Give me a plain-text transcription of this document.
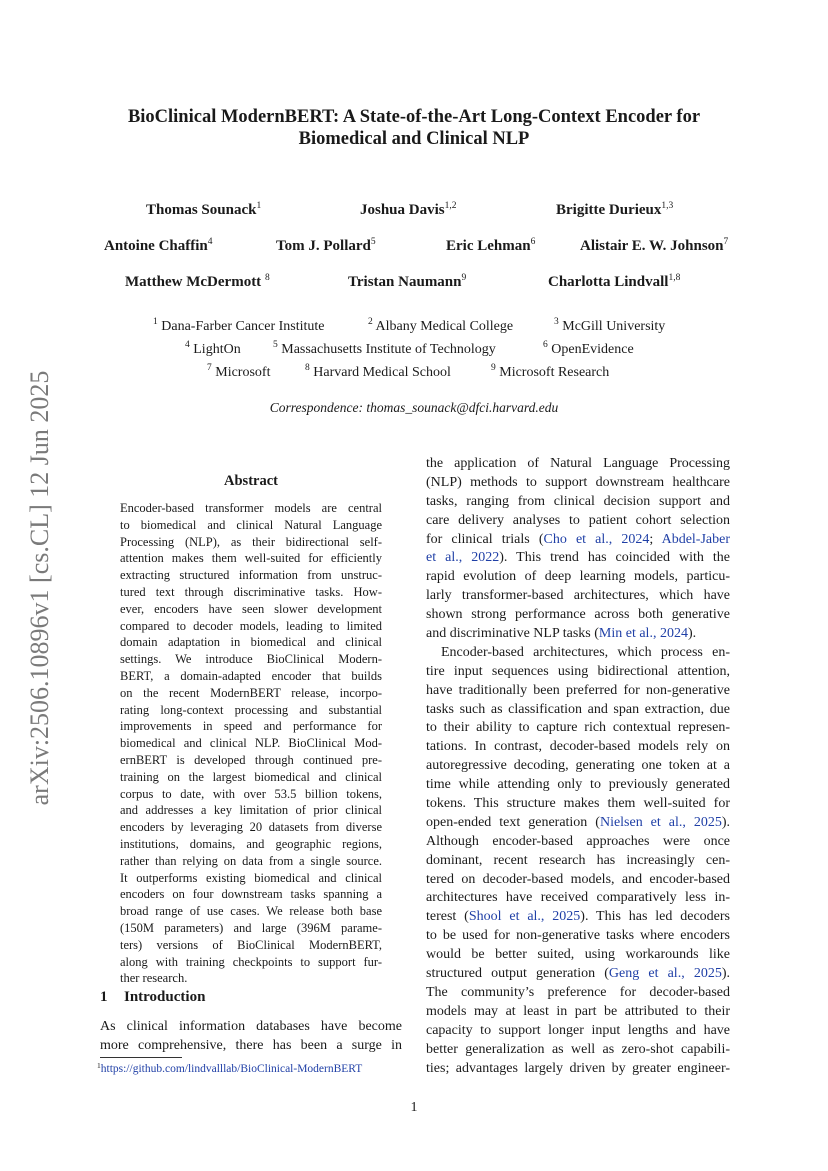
BioClinical ModernBERT: A State-of-the-Art Long-Context Encoder for
Biomedical and Clinical NLP
Thomas Sounack$^1$	Joshua Davis$^{1,2}$	Brigitte Durieux$^{1,3}$
Antoine Chaffin$^4$	Tom J. Pollard$^5$	Eric Lehman$^6$	Alistair E. W. Johnson$^7$
Matthew McDermott $^8$	Tristan Naumann$^9$	Charlotta Lindvall$^{1,8}$
$^1$ Dana-Farber Cancer Institute	$^2$ Albany Medical College	$^3$ McGill University
$^4$ LightOn	$^5$ Massachusetts Institute of Technology	$^6$ OpenEvidence
$^7$ Microsoft	$^8$ Harvard Medical School	$^9$ Microsoft Research
Correspondence: thomas_sounack@dfci.harvard.edu
arXiv:2506.10896v1 [cs.CL] 12 Jun 2025	Abstract
Encoder-based transformer models are central
to biomedical and clinical Natural Language
Processing (NLP), as their bidirectional self-
attention makes them well-suited for efficiently
extracting structured information from unstruc-
tured text through discriminative tasks. How-
ever, encoders have seen slower development
compared to decoder models, leading to limited
domain adaptation in biomedical and clinical
settings. We introduce BioClinical Modern-
BERT, a domain-adapted encoder that builds
on the recent ModernBERT release, incorpo-
rating long-context processing and substantial
improvements in speed and performance for
biomedical and clinical NLP. BioClinical Mod-
ernBERT is developed through continued pre-
training on the largest biomedical and clinical
corpus to date, with over 53.5 billion tokens,
and addresses a key limitation of prior clinical
encoders by leveraging 20 datasets from diverse
institutions, domains, and geographic regions,
rather than relying on data from a single source.
It outperforms existing biomedical and clinical
encoders on four downstream tasks spanning a
broad range of use cases. We release both base
(150M parameters) and large (396M parame-
ters) versions of BioClinical ModernBERT,
along with training checkpoints to support fur-
ther research.
1 Introduction
As clinical information databases have become
more comprehensive, there has been a surge in
$^1$https://github.com/lindvalllab/BioClinical-ModernBERT
the application of Natural Language Processing
(NLP) methods to support downstream healthcare
tasks, ranging from clinical decision support and
care delivery analyses to patient cohort selection
for clinical trials (Cho et al., 2024; Abdel-Jaber
et al., 2022). This trend has coincided with the
rapid evolution of deep learning models, particu-
larly transformer-based architectures, which have
shown strong performance across both generative
and discriminative NLP tasks (Min et al., 2024).
Encoder-based architectures, which process en-
tire input sequences using bidirectional attention,
have traditionally been preferred for non-generative
tasks such as classification and span extraction, due
to their ability to capture rich contextual represen-
tations. In contrast, decoder-based models rely on
autoregressive decoding, generating one token at a
time while attending only to previously generated
tokens. This structure makes them well-suited for
open-ended text generation (Nielsen et al., 2025).
Although encoder-based approaches were once
dominant, recent research has increasingly cen-
tered on decoder-based models, and encoder-based
architectures have received comparatively less in-
terest (Shool et al., 2025). This has led decoders
to be used for non-generative tasks where encoders
would be better suited, using workarounds like
structured output generation (Geng et al., 2025).
The community’s preference for decoder-based
models may at least in part be attributed to their
capacity to support longer input lengths and have
better generalization as well as zero-shot capabili-
ties; advantages largely driven by greater engineer-
1
